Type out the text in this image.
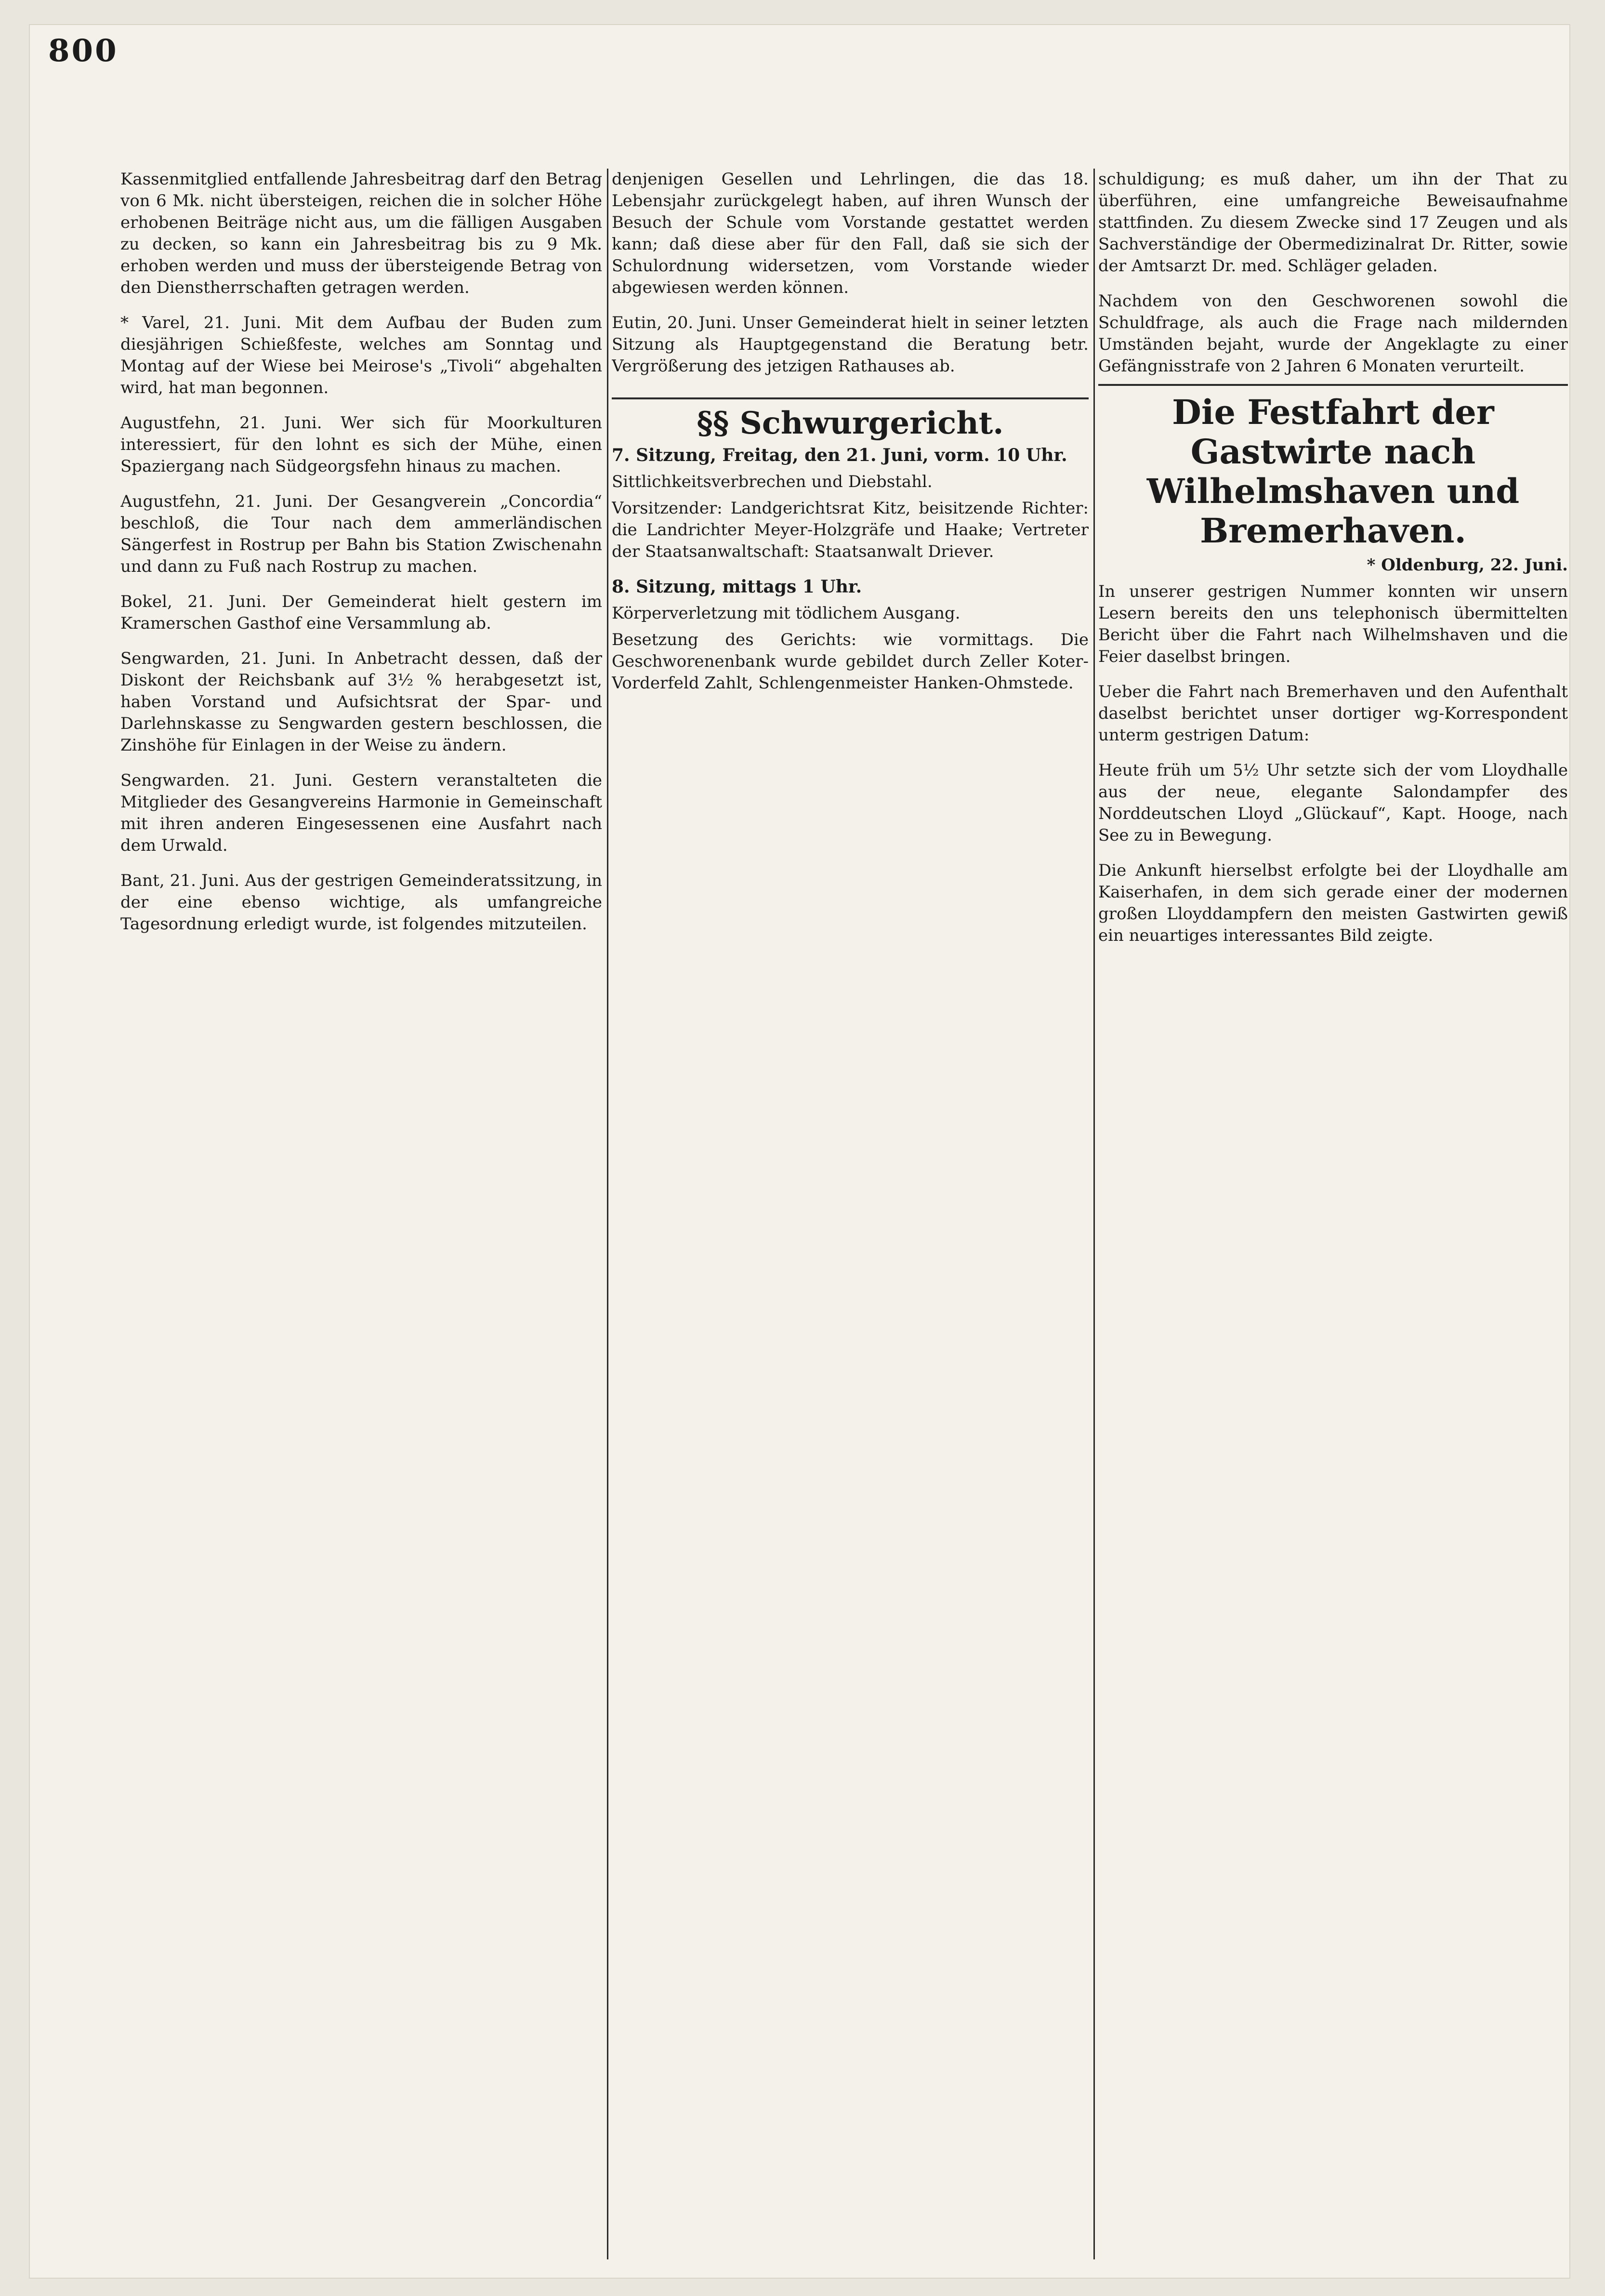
800

Kassenmitglied entfallende Jahresbeitrag darf den Betrag von 6 Mk. nicht übersteigen, reichen die in solcher Höhe erhobenen Beiträge nicht aus, um die fälligen Ausgaben zu decken, so kann ein Jahresbeitrag bis zu 9 Mk. erhoben werden und muss der übersteigende Betrag von den Dienstherrschaften getragen werden.

* Varel, 21. Juni. Mit dem Aufbau der Buden zum diesjährigen Schießfeste, welches am Sonntag und Montag auf der Wiese bei Meirose's „Tivoli“ abgehalten wird, hat man begonnen.

Augustfehn, 21. Juni. Wer sich für Moorkulturen interessiert, für den lohnt es sich der Mühe, einen Spaziergang nach Südgeorgsfehn hinaus zu machen.

Augustfehn, 21. Juni. Der Gesangverein „Concordia“ beschloß, die Tour nach dem ammerländischen Sängerfest in Rostrup per Bahn bis Station Zwischenahn und dann zu Fuß nach Rostrup zu machen.

Bokel, 21. Juni. Der Gemeinderat hielt gestern im Kramerschen Gasthof eine Versammlung ab.

Sengwarden, 21. Juni. In Anbetracht dessen, daß der Diskont der Reichsbank auf 3½ % herabgesetzt ist, haben Vorstand und Aufsichtsrat der Spar- und Darlehnskasse zu Sengwarden gestern beschlossen, die Zinshöhe für Einlagen in der Weise zu ändern.

Sengwarden. 21. Juni. Gestern veranstalteten die Mitglieder des Gesangvereins Harmonie in Gemeinschaft mit ihren anderen Eingesessenen eine Ausfahrt nach dem Urwald.

Bant, 21. Juni. Aus der gestrigen Gemeinderatssitzung, in der eine ebenso wichtige, als umfangreiche Tagesordnung erledigt wurde, ist folgendes mitzuteilen.

denjenigen Gesellen und Lehrlingen, die das 18. Lebensjahr zurückgelegt haben, auf ihren Wunsch der Besuch der Schule vom Vorstande gestattet werden kann; daß diese aber für den Fall, daß sie sich der Schulordnung widersetzen, vom Vorstande wieder abgewiesen werden können.

Eutin, 20. Juni. Unser Gemeinderat hielt in seiner letzten Sitzung als Hauptgegenstand die Beratung betr. Vergrößerung des jetzigen Rathauses ab.

§§ Schwurgericht.

7. Sitzung, Freitag, den 21. Juni, vorm. 10 Uhr.

Sittlichkeitsverbrechen und Diebstahl.

Vorsitzender: Landgerichtsrat Kitz, beisitzende Richter: die Landrichter Meyer-Holzgräfe und Haake; Vertreter der Staatsanwaltschaft: Staatsanwalt Driever.

8. Sitzung, mittags 1 Uhr.

Körperverletzung mit tödlichem Ausgang.

Besetzung des Gerichts: wie vormittags. Die Geschworenenbank wurde gebildet durch Zeller Koter-Vorderfeld Zahlt, Schlengenmeister Hanken-Ohmstede.

schuldigung; es muß daher, um ihn der That zu überführen, eine umfangreiche Beweisaufnahme stattfinden. Zu diesem Zwecke sind 17 Zeugen und als Sachverständige der Obermedizinalrat Dr. Ritter, sowie der Amtsarzt Dr. med. Schläger geladen.

Nachdem von den Geschworenen sowohl die Schuldfrage, als auch die Frage nach mildernden Umständen bejaht, wurde der Angeklagte zu einer Gefängnisstrafe von 2 Jahren 6 Monaten verurteilt.

Die Festfahrt der Gastwirte nach Wilhelmshaven und Bremerhaven.

* Oldenburg, 22. Juni.

In unserer gestrigen Nummer konnten wir unsern Lesern bereits den uns telephonisch übermittelten Bericht über die Fahrt nach Wilhelmshaven und die Feier daselbst bringen.

Ueber die Fahrt nach Bremerhaven und den Aufenthalt daselbst berichtet unser dortiger wg-Korrespondent unterm gestrigen Datum:

Heute früh um 5½ Uhr setzte sich der vom Lloydhalle aus der neue, elegante Salondampfer des Norddeutschen Lloyd „Glückauf“, Kapt. Hooge, nach See zu in Bewegung.

Die Ankunft hierselbst erfolgte bei der Lloydhalle am Kaiserhafen, in dem sich gerade einer der modernen großen Lloyddampfern den meisten Gastwirten gewiß ein neuartiges interessantes Bild zeigte.
